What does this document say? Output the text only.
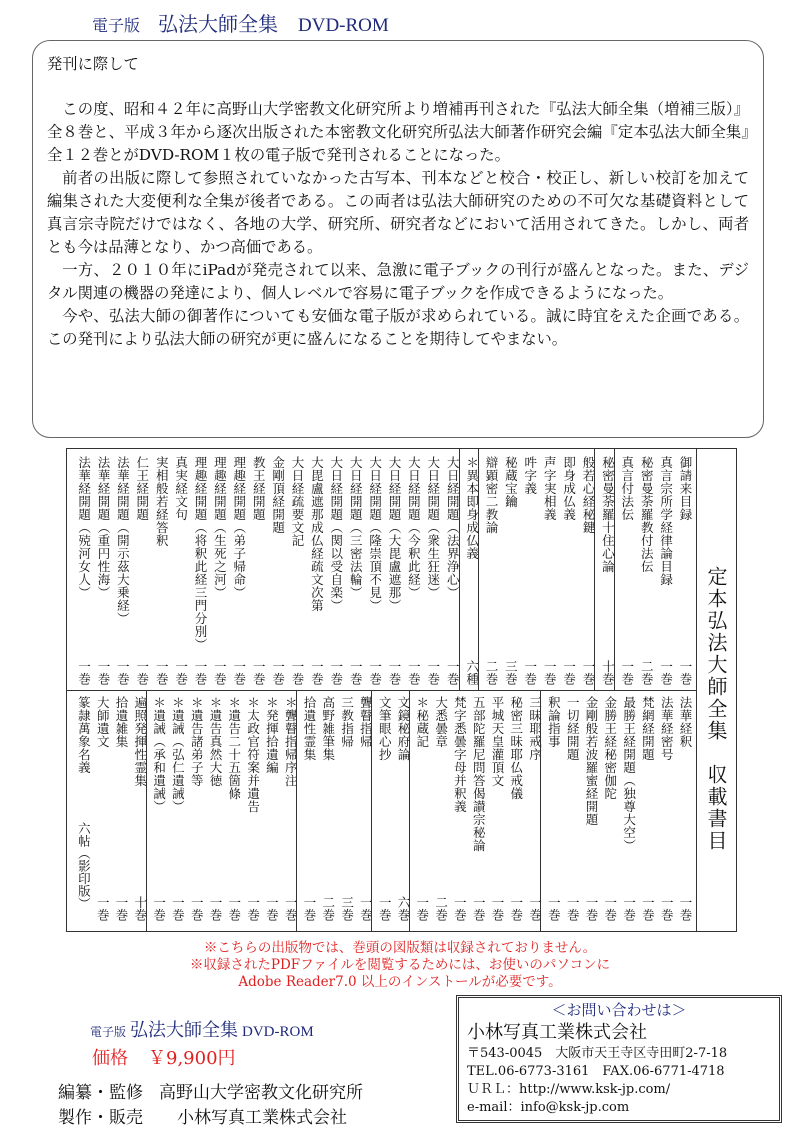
電子版 弘法大師全集 DVD-ROM
発刊に際して

この度、昭和４２年に高野山大学密教文化研究所より増補再刊された『弘法大師全集（増補三版）』全８巻と、平成３年から逐次出版された本密教文化研究所弘法大師著作研究会編『定本弘法大師全集』全１２巻とがDVD-ROM１枚の電子版で発刊されることになった。

前者の出版に際して参照されていなかった古写本、刊本などと校合・校正し、新しい校訂を加えて編集された大変便利な全集が後者である。この両者は弘法大師研究のための不可欠な基礎資料として真言宗寺院だけではなく、各地の大学、研究所、研究者などにおいて活用されてきた。しかし、両者とも今は品薄となり、かつ高価である。

一方、２０１０年にiPadが発売されて以来、急激に電子ブックの刊行が盛んとなった。また、デジタル関連の機器の発達により、個人レベルで容易に電子ブックを作成できるようになった。

今や、弘法大師の御著作についても安価な電子版が求められている。誠に時宜をえた企画である。この発刊により弘法大師の研究が更に盛んになることを期待してやまない。

定本弘法大師全集　収載書目
御請来目録
一巻
真言宗所学経律論目録
一巻
秘密曼荼羅教付法伝
二巻
真言付法伝
一巻
秘密曼荼羅十住心論
十巻
般若心経秘鍵
一巻
即身成仏義
一巻
声字実相義
一巻
吽字義
一巻
秘蔵宝鑰
三巻
辯顕密二教論
二巻
＊異本即身成仏義
六種
大日経開題（法界浄心）
一巻
大日経開題（衆生狂迷）
一巻
大日経開題（今釈此経）
一巻
大日経開題（大毘盧遮那）
一巻
大日経開題（隆崇頂不見）
一巻
大日経開題（三密法輪）
一巻
大日経開題（関以受自楽）
一巻
大毘盧遮那成仏経疏文次第
一巻
大日経疏要文記
一巻
金剛頂経開題
一巻
教王経開題
一巻
理趣経開題（弟子帰命）
一巻
理趣経開題（生死之河）
一巻
理趣経開題（将釈此経三門分別）
一巻
真実経文句
一巻
実相般若経答釈
一巻
仁王経開題
一巻
法華経開題（開示茲大乗経）
一巻
法華経開題（重円性海）
一巻
法華経開題（殑河女人）
一巻
法華経釈
一巻
法華経密号
一巻
梵網経開題
一巻
最勝王経開題（独尊大空）
一巻
金勝王経秘密伽陀
一巻
金剛般若波羅蜜経開題
一巻
一切経開題
一巻
釈論指事
一巻
三昧耶戒序
一巻
秘密三昧耶仏戒儀
一巻
平城天皇灌頂文
一巻
五部陀羅尼問答偈讃宗秘論
一巻
梵字悉曇字母并釈義
一巻
大悉曇章
二巻
＊秘蔵記
一巻
文鏡秘府論
六巻
文筆眼心抄
一巻
聾瞽指帰
一巻
三教指帰
三巻
高野雑筆集
二巻
拾遺性霊集
一巻
＊聾瞽指帰序注
一巻
＊発揮拾遺編
一巻
＊太政官符案并遺告
一巻
＊遺告二十五箇條
一巻
＊遺告真然大徳
一巻
＊遺告諸弟子等
一巻
＊遺誡（弘仁遺誡）
一巻
＊遺誡（承和遺誡）
一巻
遍照発揮性霊集
十巻
拾遺雑集
一巻
大師遺文
一巻
篆隷萬象名義
六帖（影印版）
※こちらの出版物では、巻頭の図版類は収録されておりません。
※収録されたPDFファイルを閲覧するためには、お使いのパソコンに
Adobe Reader7.0 以上のインストールが必要です。
電子版 弘法大師全集 DVD-ROM
価格 ￥9,900円
編纂・監修 高野山大学密教文化研究所
製作・販売 小林写真工業株式会社
＜お問い合わせは＞
小林写真工業株式会社
〒543-0045　大阪市天王寺区寺田町2-7-18
TEL.06-6773-3161　FAX.06-6771-4718
ＵＲＬ：http://www.ksk-jp.com/
e-mail：info@ksk-jp.com
